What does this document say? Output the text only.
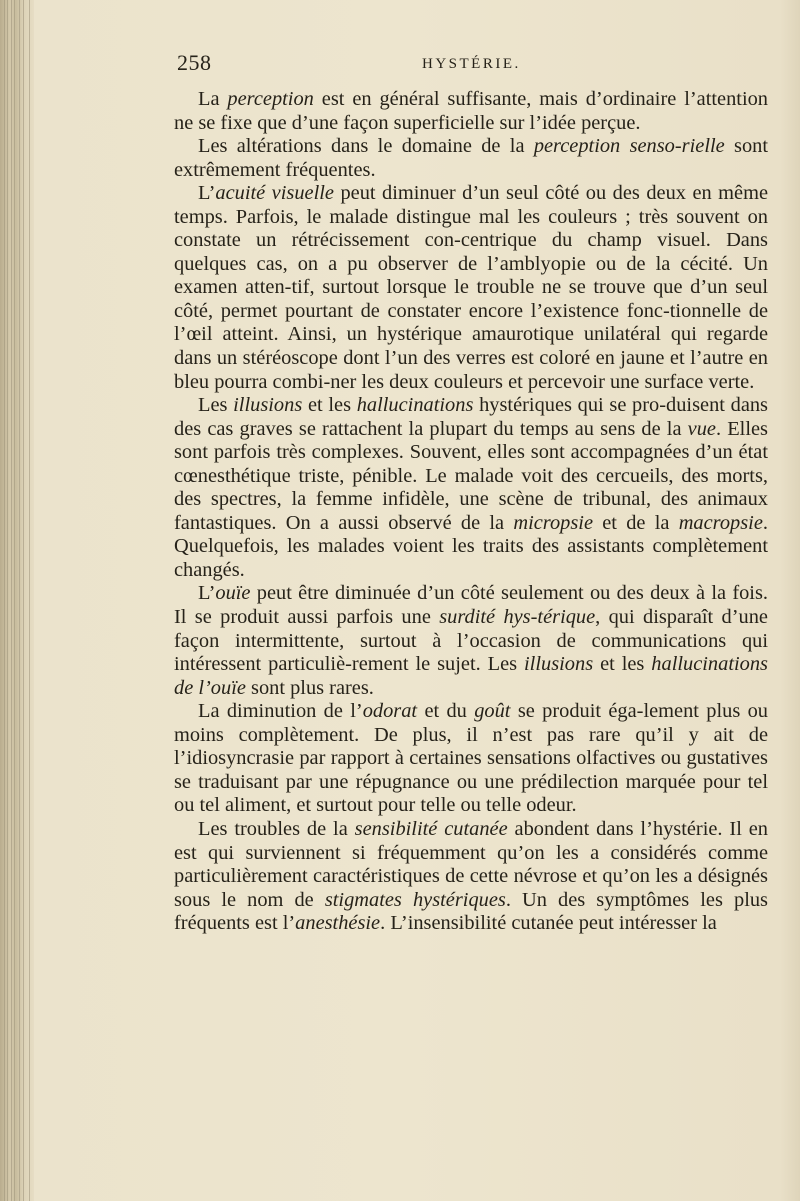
258	HYSTÉRIE.

La perception est en général suffisante, mais d’ordinaire l’attention ne se fixe que d’une façon superficielle sur l’idée perçue.

Les altérations dans le domaine de la perception senso-rielle sont extrêmement fréquentes.

L’acuité visuelle peut diminuer d’un seul côté ou des deux en même temps. Parfois, le malade distingue mal les couleurs ; très souvent on constate un rétrécissement con-centrique du champ visuel. Dans quelques cas, on a pu observer de l’amblyopie ou de la cécité. Un examen atten-tif, surtout lorsque le trouble ne se trouve que d’un seul côté, permet pourtant de constater encore l’existence fonc-tionnelle de l’œil atteint. Ainsi, un hystérique amaurotique unilatéral qui regarde dans un stéréoscope dont l’un des verres est coloré en jaune et l’autre en bleu pourra combi-ner les deux couleurs et percevoir une surface verte.

Les illusions et les hallucinations hystériques qui se pro-duisent dans des cas graves se rattachent la plupart du temps au sens de la vue. Elles sont parfois très complexes. Souvent, elles sont accompagnées d’un état cœnesthétique triste, pénible. Le malade voit des cercueils, des morts, des spectres, la femme infidèle, une scène de tribunal, des animaux fantastiques. On a aussi observé de la micropsie et de la macropsie. Quelquefois, les malades voient les traits des assistants complètement changés.

L’ouïe peut être diminuée d’un côté seulement ou des deux à la fois. Il se produit aussi parfois une surdité hys-térique, qui disparaît d’une façon intermittente, surtout à l’occasion de communications qui intéressent particuliè-rement le sujet. Les illusions et les hallucinations de l’ouïe sont plus rares.

La diminution de l’odorat et du goût se produit éga-lement plus ou moins complètement. De plus, il n’est pas rare qu’il y ait de l’idiosyncrasie par rapport à certaines sensations olfactives ou gustatives se traduisant par une répugnance ou une prédilection marquée pour tel ou tel aliment, et surtout pour telle ou telle odeur.

Les troubles de la sensibilité cutanée abondent dans l’hystérie. Il en est qui surviennent si fréquemment qu’on les a considérés comme particulièrement caractéristiques de cette névrose et qu’on les a désignés sous le nom de stigmates hystériques. Un des symptômes les plus fréquents est l’anesthésie. L’insensibilité cutanée peut intéresser la
